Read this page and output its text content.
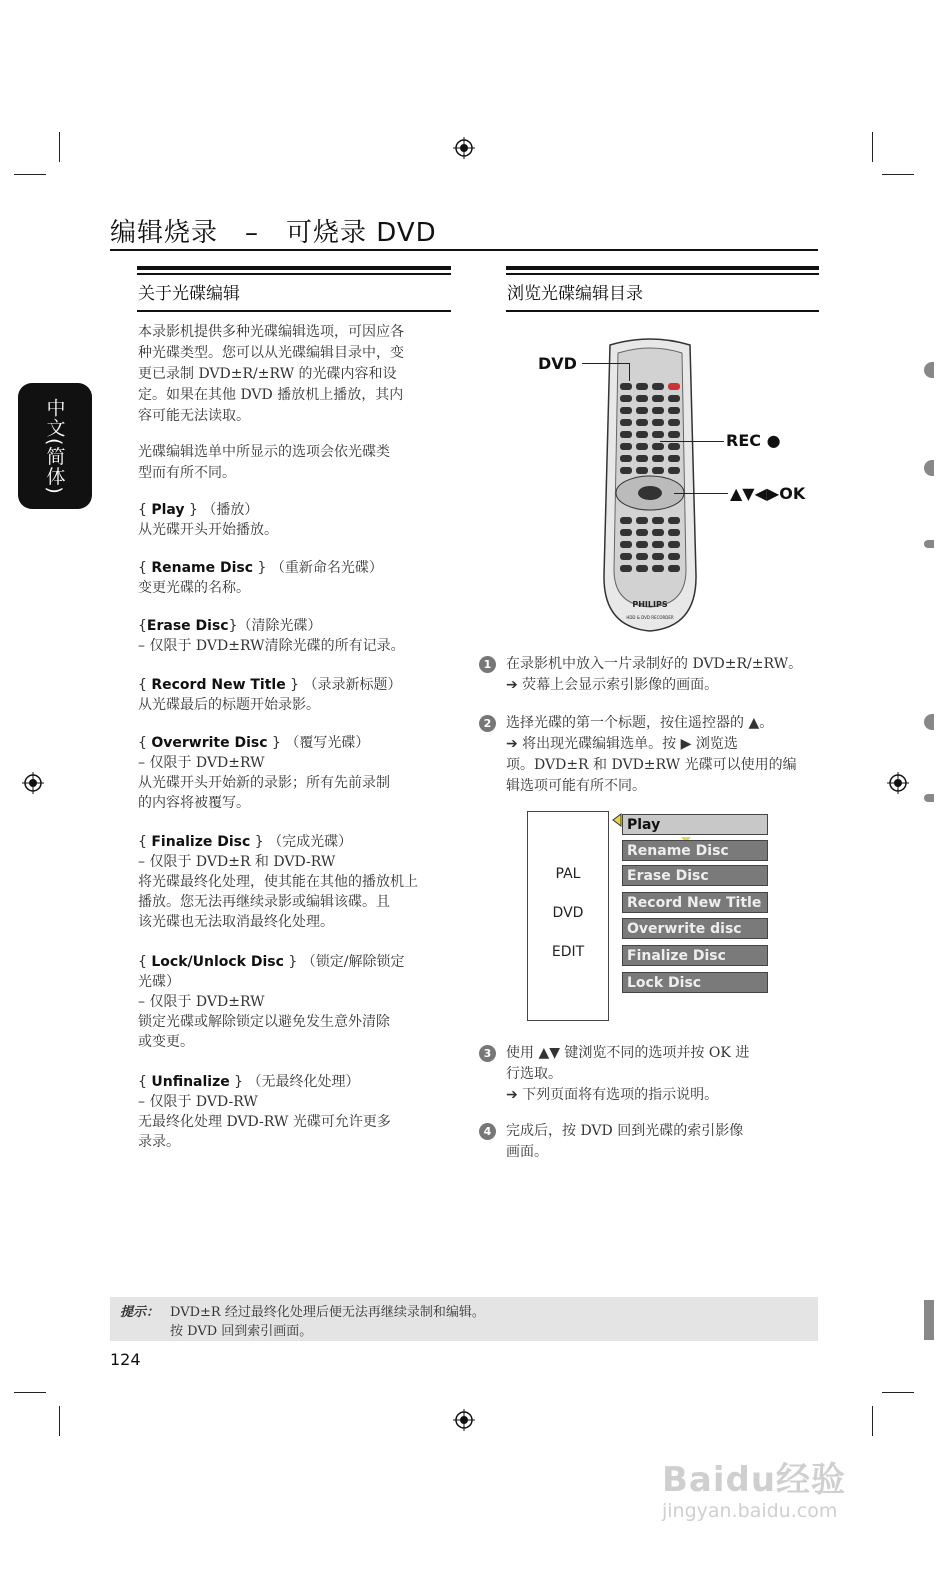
编辑烧录　–　可烧录 DVD
中文(简体)
关于光碟编辑
本录影机提供多种光碟编辑选项，可因应各
种光碟类型。您可以从光碟编辑目录中，变
更已录制 DVD±R/±RW 的光碟内容和设
定。如果在其他 DVD 播放机上播放，其内
容可能无法读取。
光碟编辑选单中所显示的选项会依光碟类
型而有所不同。
{ Play } （播放）
从光碟开头开始播放。
{ Rename Disc } （重新命名光碟）
变更光碟的名称。
{Erase Disc}（清除光碟）
– 仅限于 DVD±RW清除光碟的所有记录。
{ Record New Title } （录录新标题）
从光碟最后的标题开始录影。
{ Overwrite Disc } （覆写光碟）
– 仅限于 DVD±RW
从光碟开头开始新的录影；所有先前录制
的内容将被覆写。
{ Finalize Disc } （完成光碟）
– 仅限于 DVD±R 和 DVD-RW
将光碟最终化处理，使其能在其他的播放机上
播放。您无法再继续录影或编辑该碟。且
该光碟也无法取消最终化处理。
{ Lock/Unlock Disc } （锁定/解除锁定
光碟）
– 仅限于 DVD±RW
锁定光碟或解除锁定以避免发生意外清除
或变更。
{ Unfinalize } （无最终化处理）
– 仅限于 DVD-RW
无最终化处理 DVD-RW 光碟可允许更多
录录。
浏览光碟编辑目录
PHILIPS
HDD & DVD RECORDER
DVD
REC ●
▲▼◀▶OK
1	在录影机中放入一片录制好的 DVD±R/±RW。
➔ 荧幕上会显示索引影像的画面。
2	选择光碟的第一个标题，按住遥控器的 ▲。
➔ 将出现光碟编辑选单。按 ▶ 浏览选
项。DVD±R 和 DVD±RW 光碟可以使用的编
辑选项可能有所不同。
PAL
DVD
EDIT
Play
Rename Disc
Erase Disc
Record New Title
Overwrite disc
Finalize Disc
Lock Disc
3	使用 ▲▼ 键浏览不同的选项并按 OK 进
行选取。
➔ 下列页面将有选项的指示说明。
4	完成后，按 DVD 回到光碟的索引影像
画面。
提示： DVD±R 经过最终化处理后便无法再继续录制和编辑。
按 DVD 回到索引画面。
124
Baidu经验
jingyan.baidu.com
